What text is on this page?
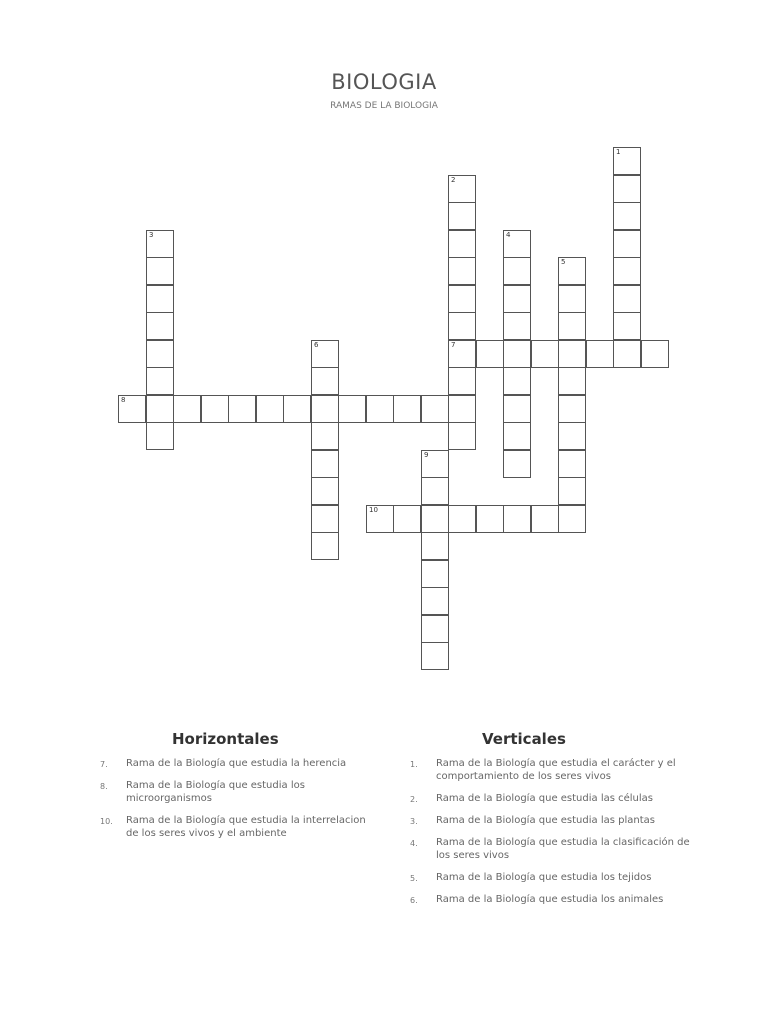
BIOLOGIA
RAMAS DE LA BIOLOGIA
1
2
7
3	4
5
6
8
9
10
Horizontales	Verticales
7. Rama de la Biología que estudia la herencia
8. Rama de la Biología que estudia los microorganismos
10. Rama de la Biología que estudia la interrelacion de los seres vivos y el ambiente
1. Rama de la Biología que estudia el carácter y el comportamiento de los seres vivos
2. Rama de la Biología que estudia las células
3. Rama de la Biología que estudia las plantas
4. Rama de la Biología que estudia la clasificación de los seres vivos
5. Rama de la Biología que estudia los tejidos
6. Rama de la Biología que estudia los animales
